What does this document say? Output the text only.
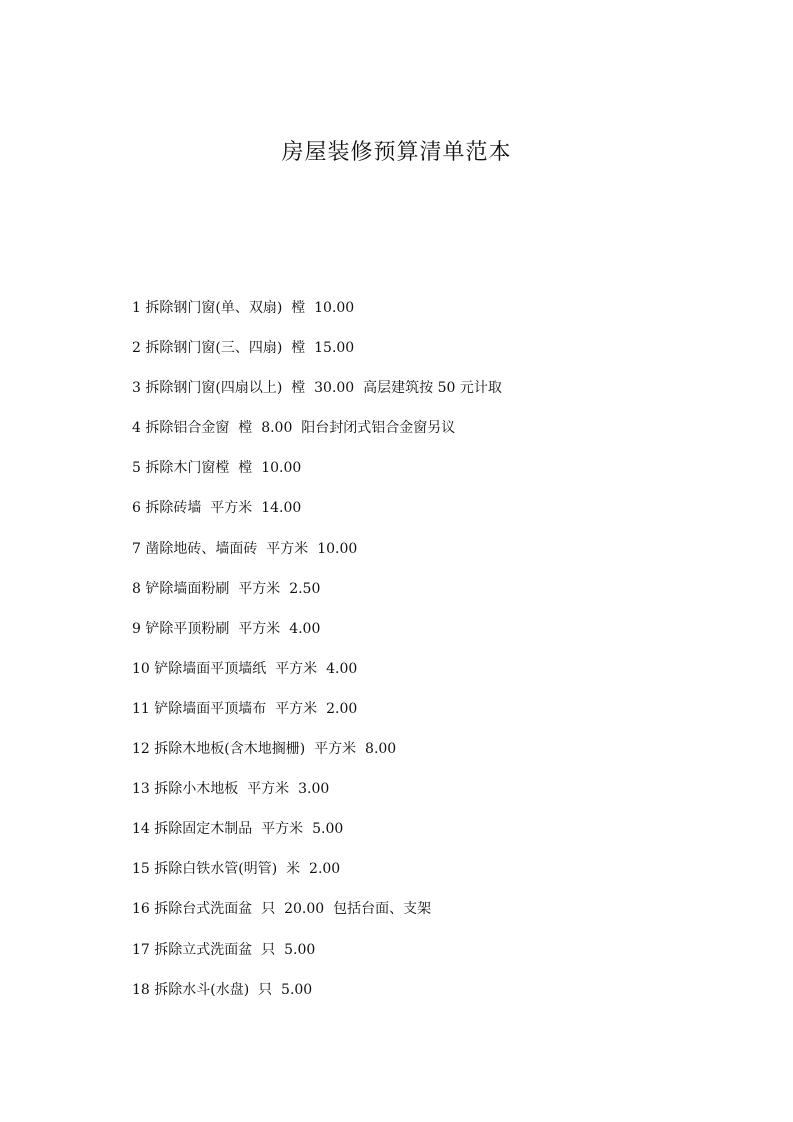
房屋装修预算清单范本
1 拆除钢门窗(单、双扇) 樘 10.00
2 拆除钢门窗(三、四扇) 樘 15.00
3 拆除钢门窗(四扇以上) 樘 30.00 高层建筑按 50 元计取
4 拆除铝合金窗 樘 8.00 阳台封闭式铝合金窗另议
5 拆除木门窗樘 樘 10.00
6 拆除砖墙 平方米 14.00
7 凿除地砖、墙面砖 平方米 10.00
8 铲除墙面粉刷 平方米 2.50
9 铲除平顶粉刷 平方米 4.00
10 铲除墙面平顶墙纸 平方米 4.00
11 铲除墙面平顶墙布 平方米 2.00
12 拆除木地板(含木地搁栅) 平方米 8.00
13 拆除小木地板 平方米 3.00
14 拆除固定木制品 平方米 5.00
15 拆除白铁水管(明管) 米 2.00
16 拆除台式洗面盆 只 20.00 包括台面、支架
17 拆除立式洗面盆 只 5.00
18 拆除水斗(水盘) 只 5.00
